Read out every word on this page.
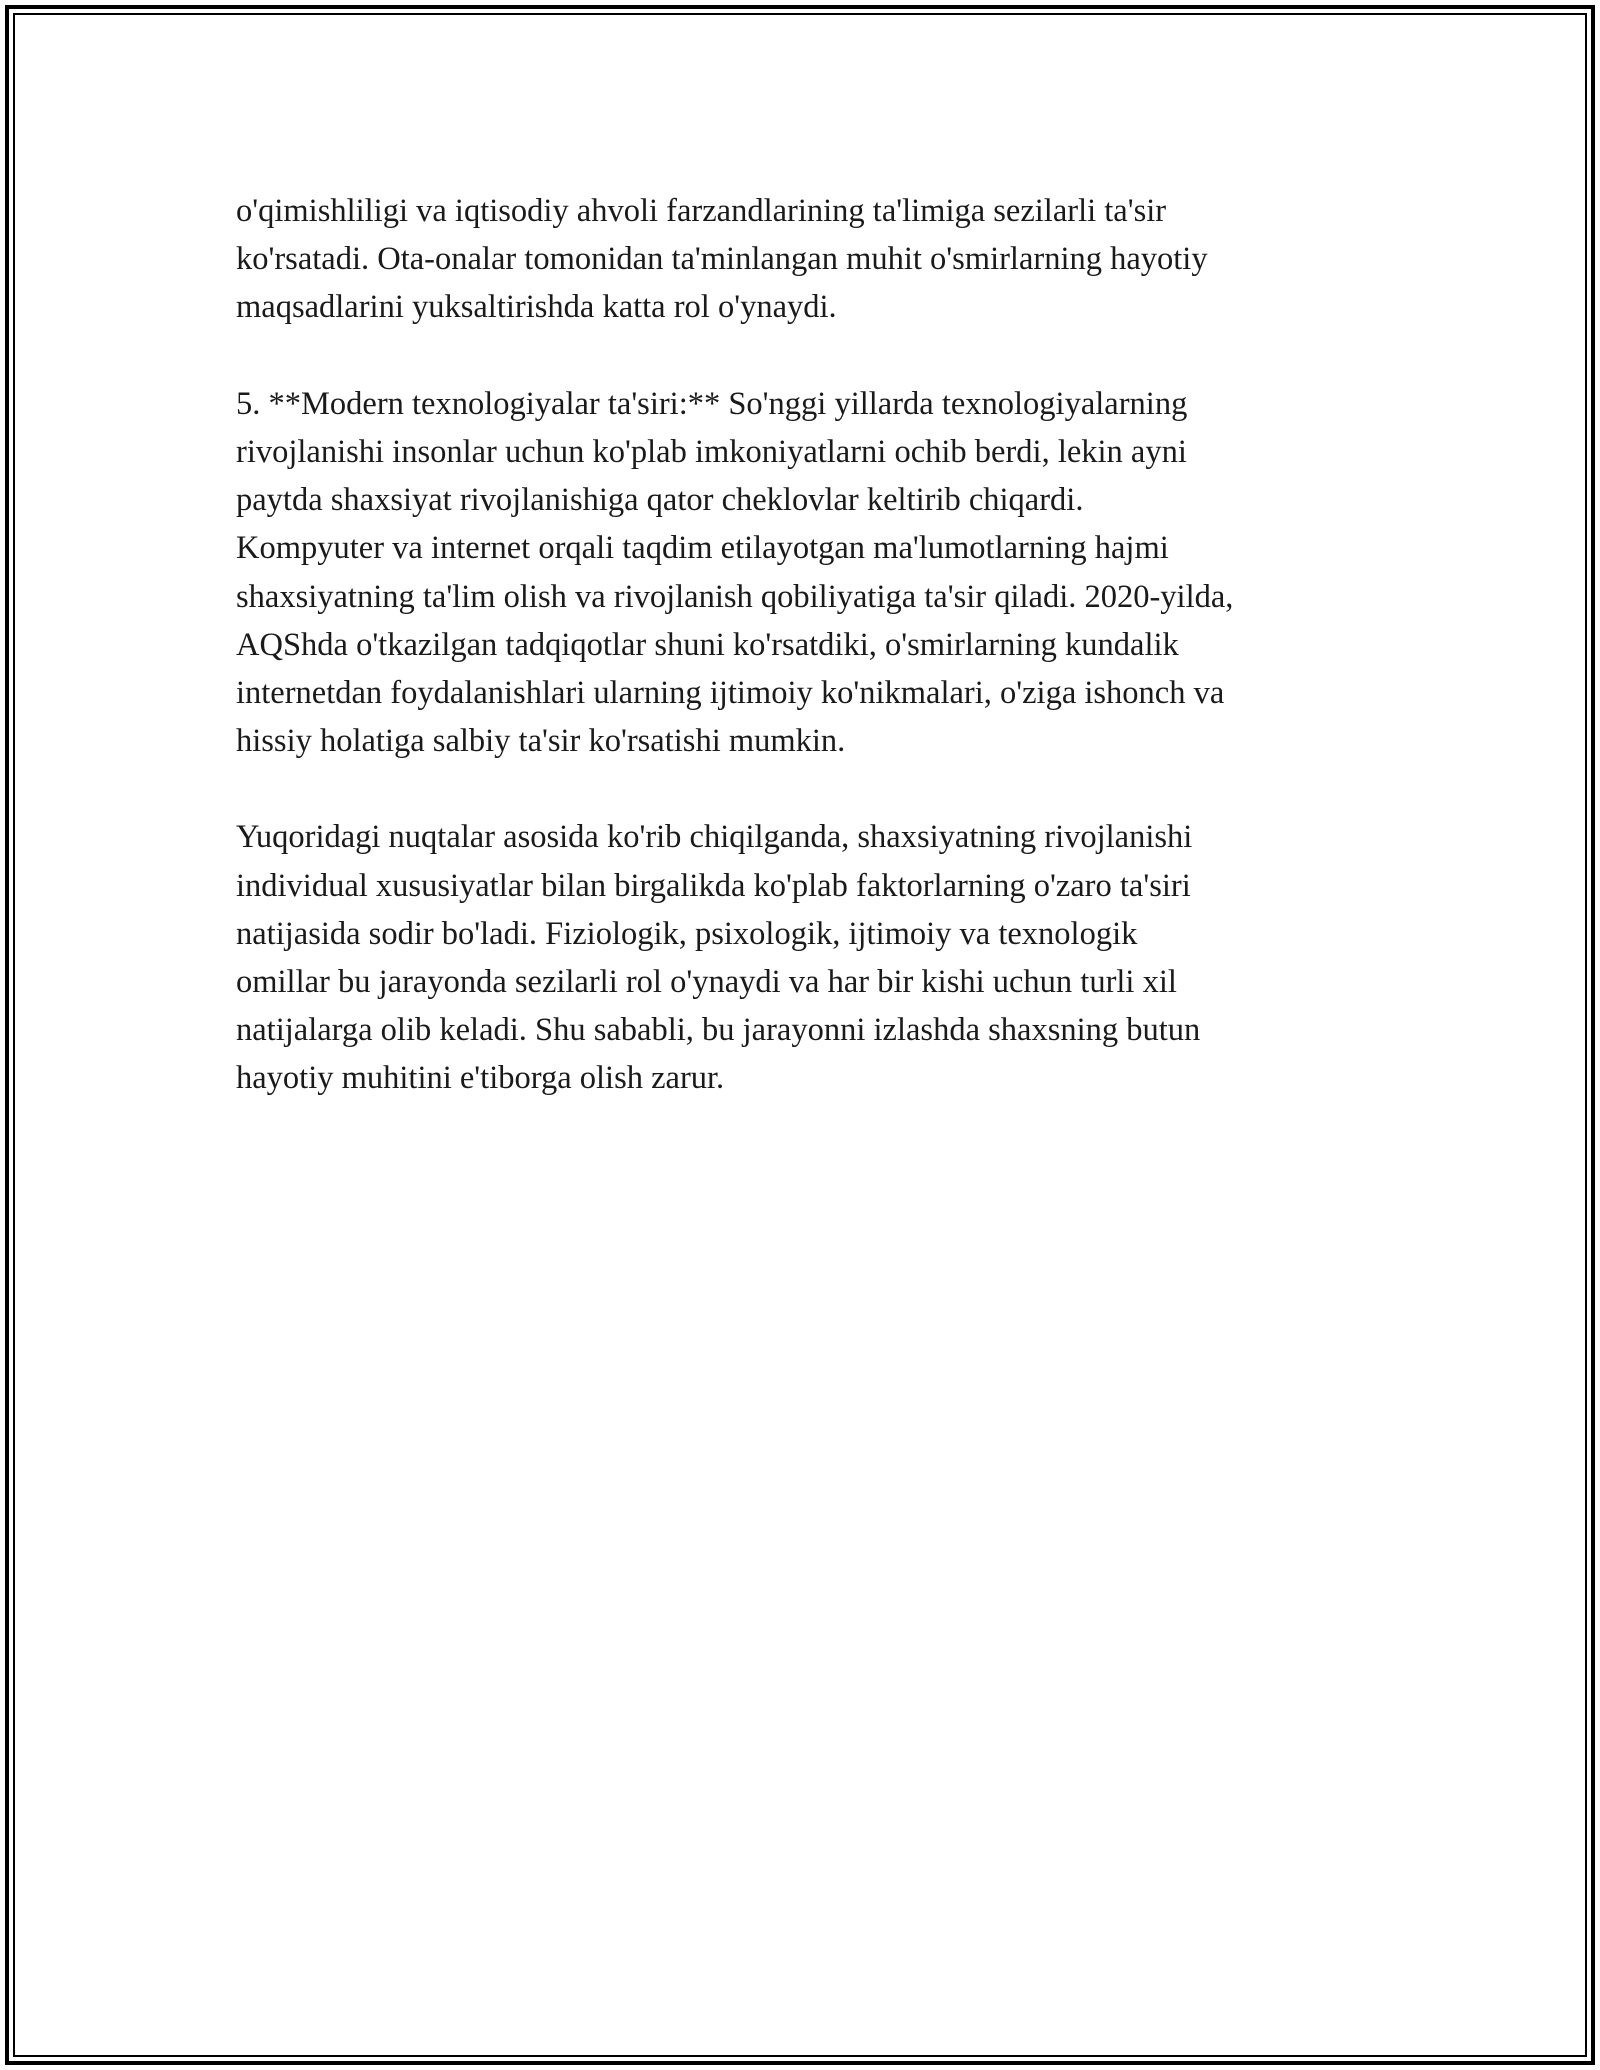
o'qimishliligi va iqtisodiy ahvoli farzandlarining ta'limiga sezilarli ta'sir
ko'rsatadi. Ota-onalar tomonidan ta'minlangan muhit o'smirlarning hayotiy
maqsadlarini yuksaltirishda katta rol o'ynaydi.

5. **Modern texnologiyalar ta'siri:** So'nggi yillarda texnologiyalarning
rivojlanishi insonlar uchun ko'plab imkoniyatlarni ochib berdi, lekin ayni
paytda shaxsiyat rivojlanishiga qator cheklovlar keltirib chiqardi.
Kompyuter va internet orqali taqdim etilayotgan ma'lumotlarning hajmi
shaxsiyatning ta'lim olish va rivojlanish qobiliyatiga ta'sir qiladi. 2020-yilda,
AQShda o'tkazilgan tadqiqotlar shuni ko'rsatdiki, o'smirlarning kundalik
internetdan foydalanishlari ularning ijtimoiy ko'nikmalari, o'ziga ishonch va
hissiy holatiga salbiy ta'sir ko'rsatishi mumkin.

Yuqoridagi nuqtalar asosida ko'rib chiqilganda, shaxsiyatning rivojlanishi
individual xususiyatlar bilan birgalikda ko'plab faktorlarning o'zaro ta'siri
natijasida sodir bo'ladi. Fiziologik, psixologik, ijtimoiy va texnologik
omillar bu jarayonda sezilarli rol o'ynaydi va har bir kishi uchun turli xil
natijalarga olib keladi. Shu sababli, bu jarayonni izlashda shaxsning butun
hayotiy muhitini e'tiborga olish zarur.
